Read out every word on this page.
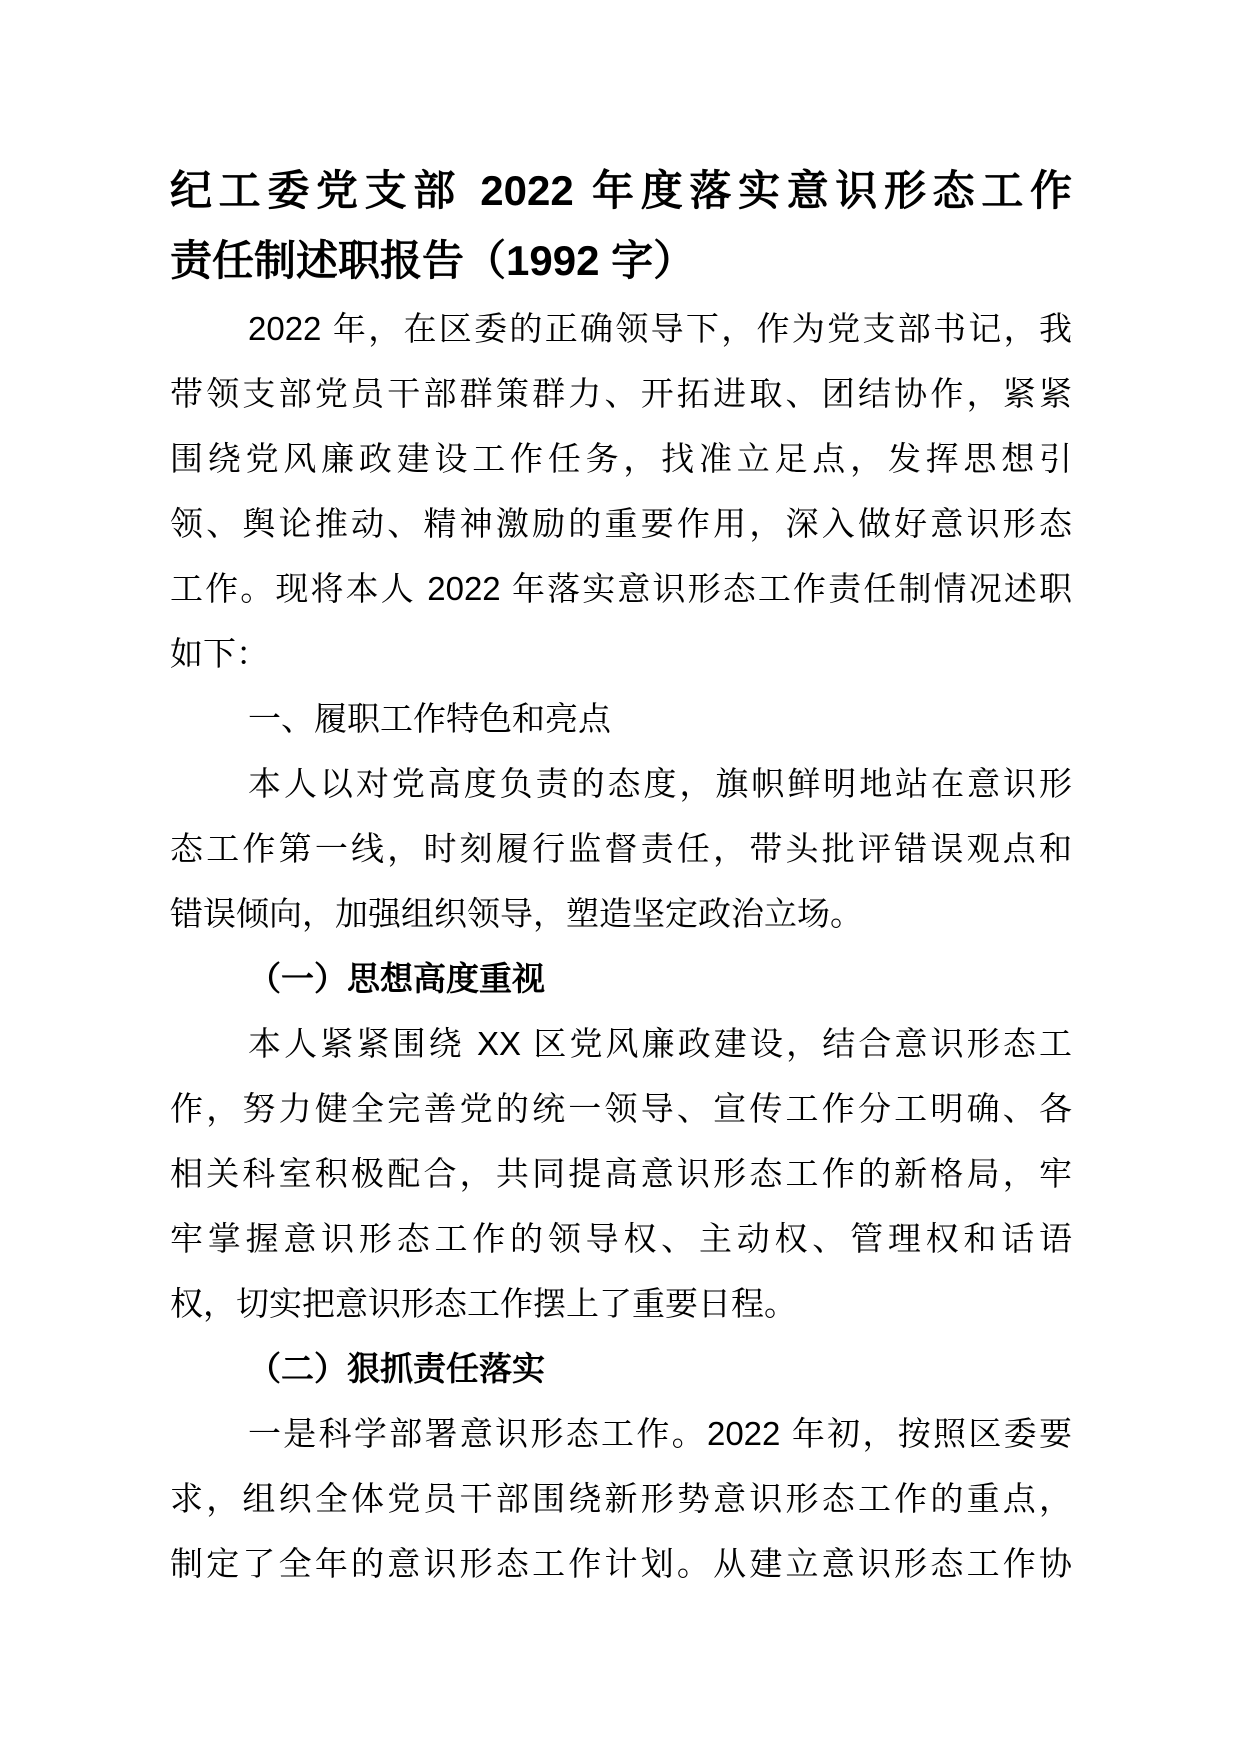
纪工委党支部 2022 年度落实意识形态工作
责任制述职报告（1992 字）
2022 年，在区委的正确领导下，作为党支部书记，我
带领支部党员干部群策群力、开拓进取、团结协作，紧紧
围绕党风廉政建设工作任务，找准立足点，发挥思想引
领、舆论推动、精神激励的重要作用，深入做好意识形态
工作。现将本人 2022 年落实意识形态工作责任制情况述职
如下：
一、履职工作特色和亮点
本人以对党高度负责的态度，旗帜鲜明地站在意识形
态工作第一线，时刻履行监督责任，带头批评错误观点和
错误倾向，加强组织领导，塑造坚定政治立场。
（一）思想高度重视
本人紧紧围绕 XX 区党风廉政建设，结合意识形态工
作，努力健全完善党的统一领导、宣传工作分工明确、各
相关科室积极配合，共同提高意识形态工作的新格局，牢
牢掌握意识形态工作的领导权、主动权、管理权和话语
权，切实把意识形态工作摆上了重要日程。
（二）狠抓责任落实
一是科学部署意识形态工作。2022 年初，按照区委要
求，组织全体党员干部围绕新形势意识形态工作的重点，
制定了全年的意识形态工作计划。从建立意识形态工作协
